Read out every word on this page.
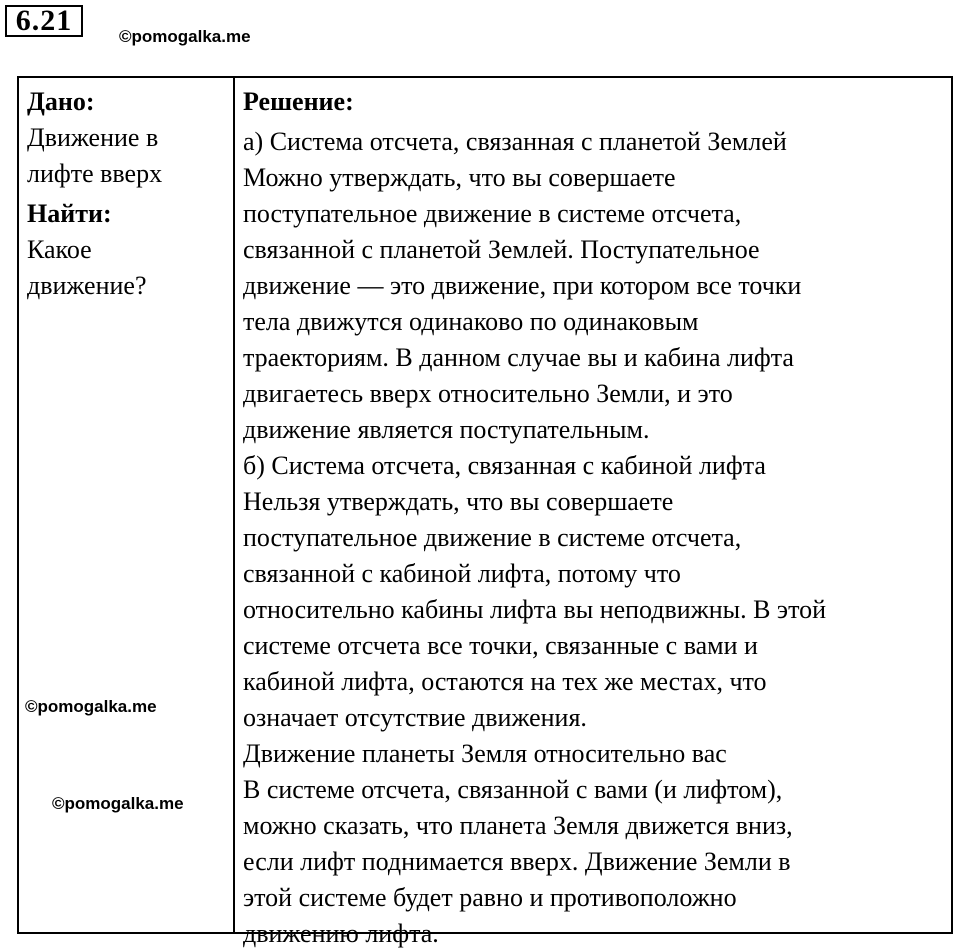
6.21	©pomogalka.me
Дано:
Движение в
лифте вверх
Найти:
Какое
движение?
Решение:
а) Система отсчета, связанная с планетой Землей
Можно утверждать, что вы совершаете
поступательное движение в системе отсчета,
связанной с планетой Землей. Поступательное
движение — это движение, при котором все точки
тела движутся одинаково по одинаковым
траекториям. В данном случае вы и кабина лифта
двигаетесь вверх относительно Земли, и это
движение является поступательным.
б) Система отсчета, связанная с кабиной лифта
Нельзя утверждать, что вы совершаете
поступательное движение в системе отсчета,
связанной с кабиной лифта, потому что
относительно кабины лифта вы неподвижны. В этой
системе отсчета все точки, связанные с вами и
кабиной лифта, остаются на тех же местах, что
означает отсутствие движения.
Движение планеты Земля относительно вас
В системе отсчета, связанной с вами (и лифтом),
можно сказать, что планета Земля движется вниз,
если лифт поднимается вверх. Движение Земли в
этой системе будет равно и противоположно
движению лифта.
©pomogalka.me
©pomogalka.me
